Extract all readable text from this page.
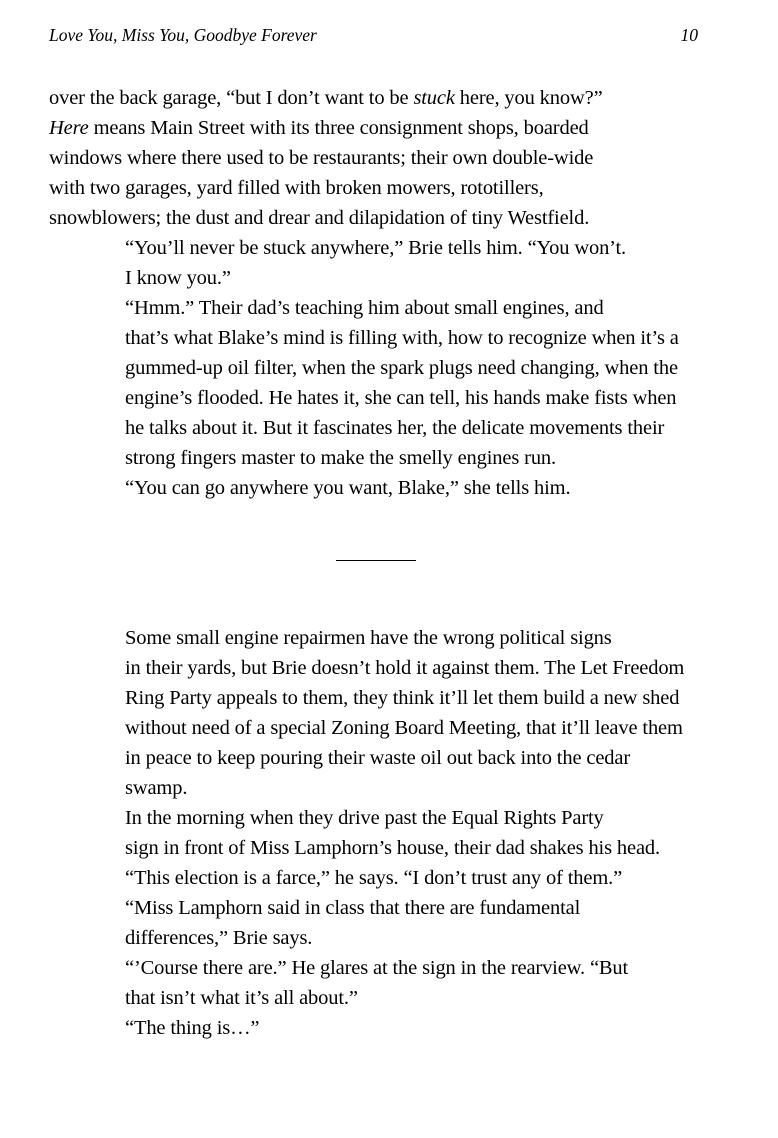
Love You, Miss You, Goodbye Forever	10

over the back garage, “but I don’t want to be stuck here, you know?”
Here means Main Street with its three consignment shops, boarded
windows where there used to be restaurants; their own double-wide
with two garages, yard filled with broken mowers, rototillers,
snowblowers; the dust and drear and dilapidation of tiny Westfield.

“You’ll never be stuck anywhere,” Brie tells him. “You won’t.
I know you.”

“Hmm.” Their dad’s teaching him about small engines, and
that’s what Blake’s mind is filling with, how to recognize when it’s a
gummed-up oil filter, when the spark plugs need changing, when the
engine’s flooded. He hates it, she can tell, his hands make fists when
he talks about it. But it fascinates her, the delicate movements their
strong fingers master to make the smelly engines run.

“You can go anywhere you want, Blake,” she tells him.

Some small engine repairmen have the wrong political signs
in their yards, but Brie doesn’t hold it against them. The Let Freedom
Ring Party appeals to them, they think it’ll let them build a new shed
without need of a special Zoning Board Meeting, that it’ll leave them
in peace to keep pouring their waste oil out back into the cedar
swamp.

In the morning when they drive past the Equal Rights Party
sign in front of Miss Lamphorn’s house, their dad shakes his head.
“This election is a farce,” he says. “I don’t trust any of them.”

“Miss Lamphorn said in class that there are fundamental
differences,” Brie says.

“’Course there are.” He glares at the sign in the rearview. “But
that isn’t what it’s all about.”

“The thing is…”
